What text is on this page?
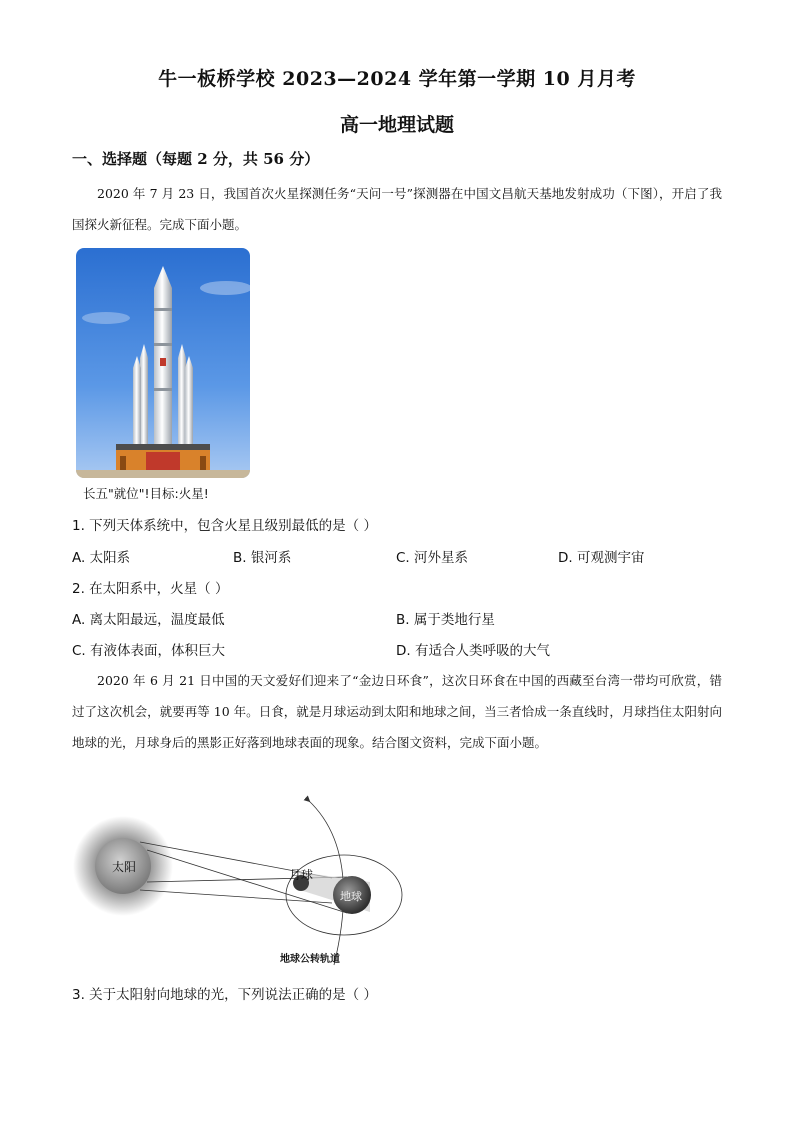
牛一板桥学校 2023—2024 学年第一学期 10 月月考
高一地理试题
一、选择题（每题 2 分，共 56 分）
2020 年 7 月 23 日，我国首次火星探测任务“天问一号”探测器在中国文昌航天基地发射成功（下图），开启了我国探火新征程。完成下面小题。
长五"就位"!目标:火星!
1. 下列天体系统中，包含火星且级别最低的是（ ）
A. 太阳系	B. 银河系	C. 河外星系	D. 可观测宇宙
2. 在太阳系中，火星（ ）
A. 离太阳最远，温度最低	B. 属于类地行星
C. 有液体表面，体积巨大	D. 有适合人类呼吸的大气
2020 年 6 月 21 日中国的天文爱好们迎来了“金边日环食”，这次日环食在中国的西藏至台湾一带均可欣赏，错过了这次机会，就要再等 10 年。日食，就是月球运动到太阳和地球之间，当三者恰成一条直线时，月球挡住太阳射向地球的光，月球身后的黑影正好落到地球表面的现象。结合图文资料，完成下面小题。
太阳
月球
地球
地球公转轨道
3. 关于太阳射向地球的光，下列说法正确的是（ ）
